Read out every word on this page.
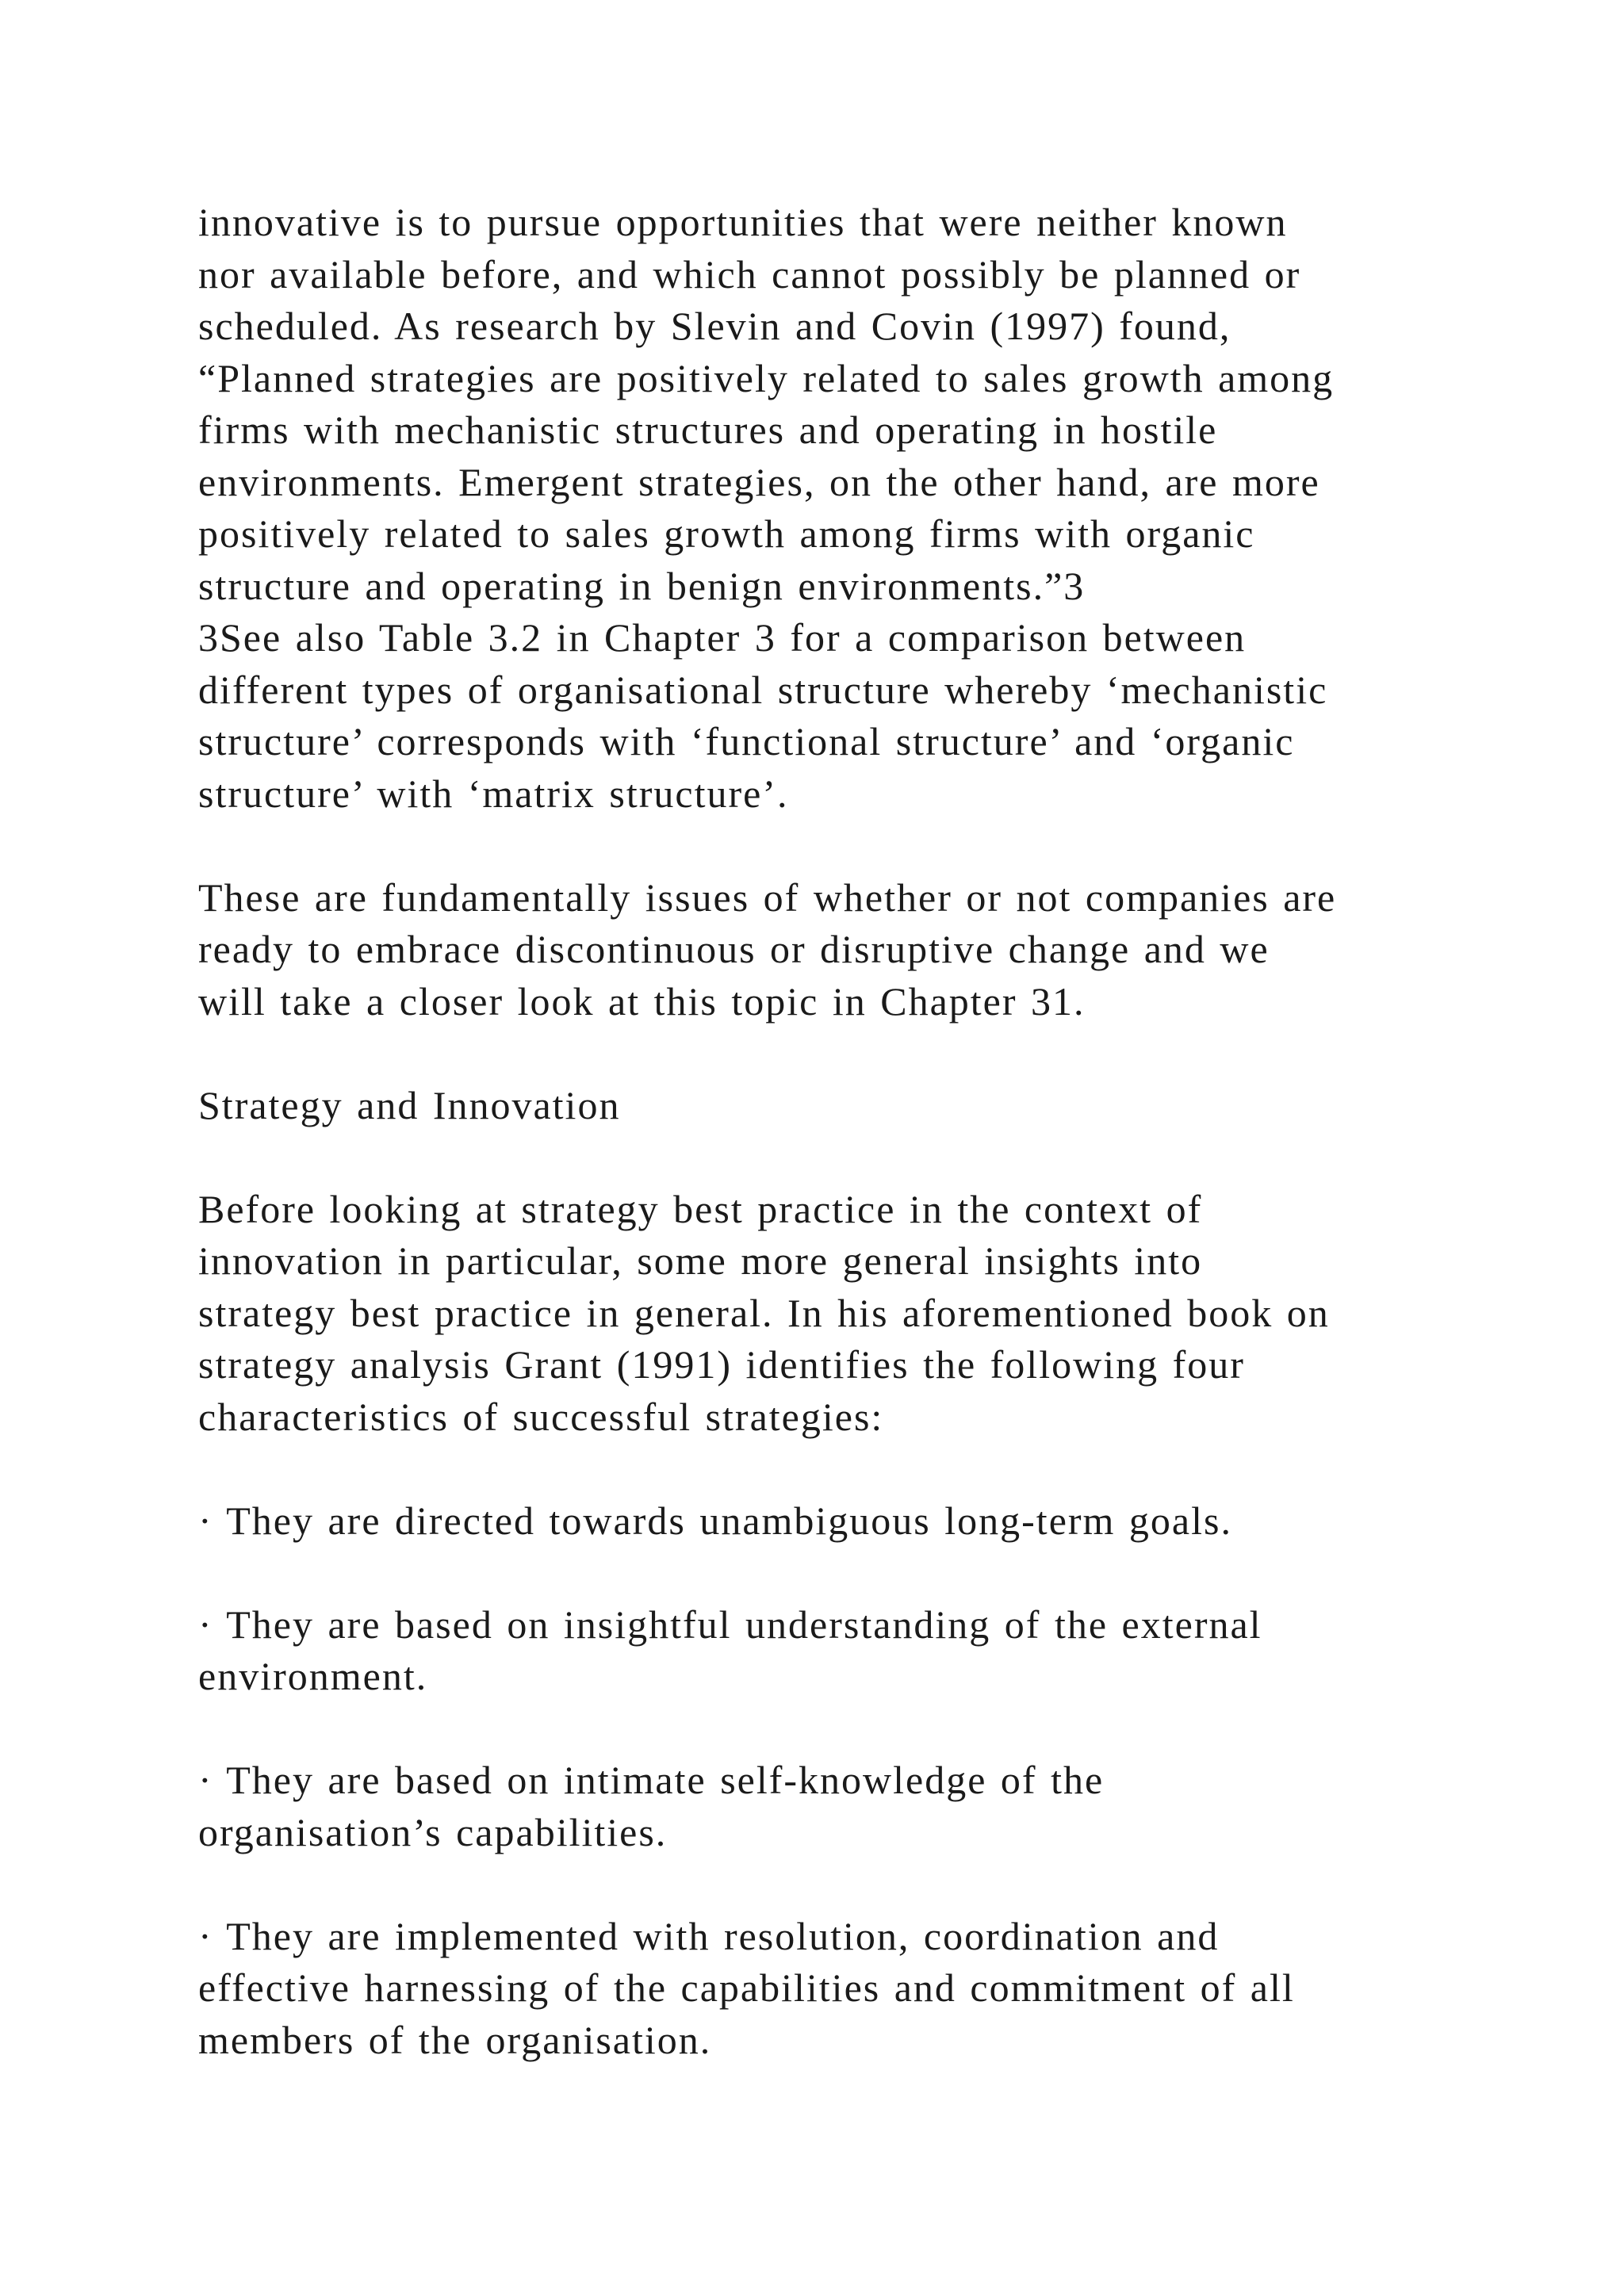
innovative is to pursue opportunities that were neither known
nor available before, and which cannot possibly be planned or
scheduled. As research by Slevin and Covin (1997) found,
“Planned strategies are positively related to sales growth among
firms with mechanistic structures and operating in hostile
environments. Emergent strategies, on the other hand, are more
positively related to sales growth among firms with organic
structure and operating in benign environments.”3
3See also Table 3.2 in Chapter 3 for a comparison between
different types of organisational structure whereby ‘mechanistic
structure’ corresponds with ‘functional structure’ and ‘organic
structure’ with ‘matrix structure’.
These are fundamentally issues of whether or not companies are
ready to embrace discontinuous or disruptive change and we
will take a closer look at this topic in Chapter 31.
Strategy and Innovation
Before looking at strategy best practice in the context of
innovation in particular, some more general insights into
strategy best practice in general. In his aforementioned book on
strategy analysis Grant (1991) identifies the following four
characteristics of successful strategies:
· They are directed towards unambiguous long-term goals.
· They are based on insightful understanding of the external
environment.
· They are based on intimate self-knowledge of the
organisation’s capabilities.
· They are implemented with resolution, coordination and
effective harnessing of the capabilities and commitment of all
members of the organisation.
